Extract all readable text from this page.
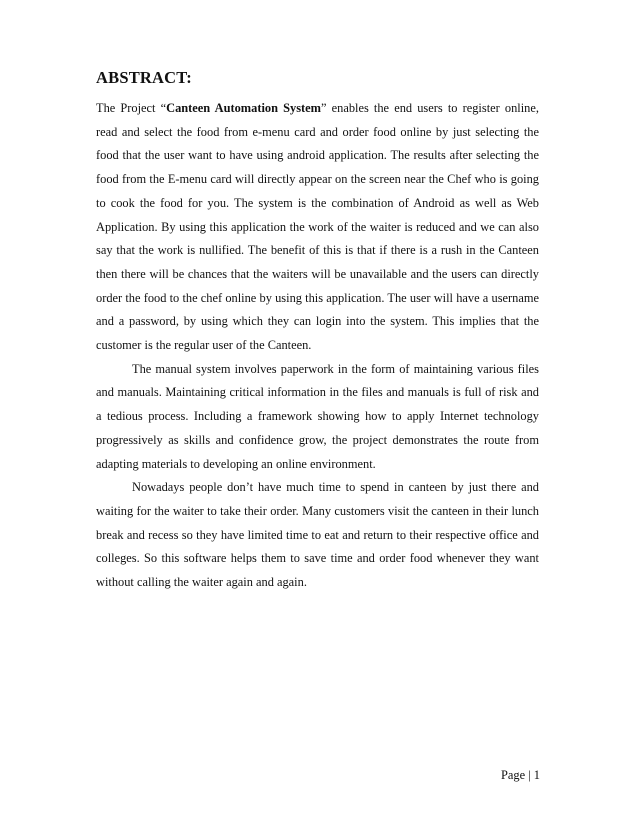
ABSTRACT:

The Project “Canteen Automation System” enables the end users to register online, read and select the food from e-menu card and order food online by just selecting the food that the user want to have using android application. The results after selecting the food from the E-menu card will directly appear on the screen near the Chef who is going to cook the food for you. The system is the combination of Android as well as Web Application. By using this application the work of the waiter is reduced and we can also say that the work is nullified. The benefit of this is that if there is a rush in the Canteen then there will be chances that the waiters will be unavailable and the users can directly order the food to the chef online by using this application. The user will have a username and a password, by using which they can login into the system. This implies that the customer is the regular user of the Canteen.

The manual system involves paperwork in the form of maintaining various files and manuals. Maintaining critical information in the files and manuals is full of risk and a tedious process. Including a framework showing how to apply Internet technology progressively as skills and confidence grow, the project demonstrates the route from adapting materials to developing an online environment.

Nowadays people don’t have much time to spend in canteen by just there and waiting for the waiter to take their order. Many customers visit the canteen in their lunch break and recess so they have limited time to eat and return to their respective office and colleges. So this software helps them to save time and order food whenever they want without calling the waiter again and again.

Page | 1
